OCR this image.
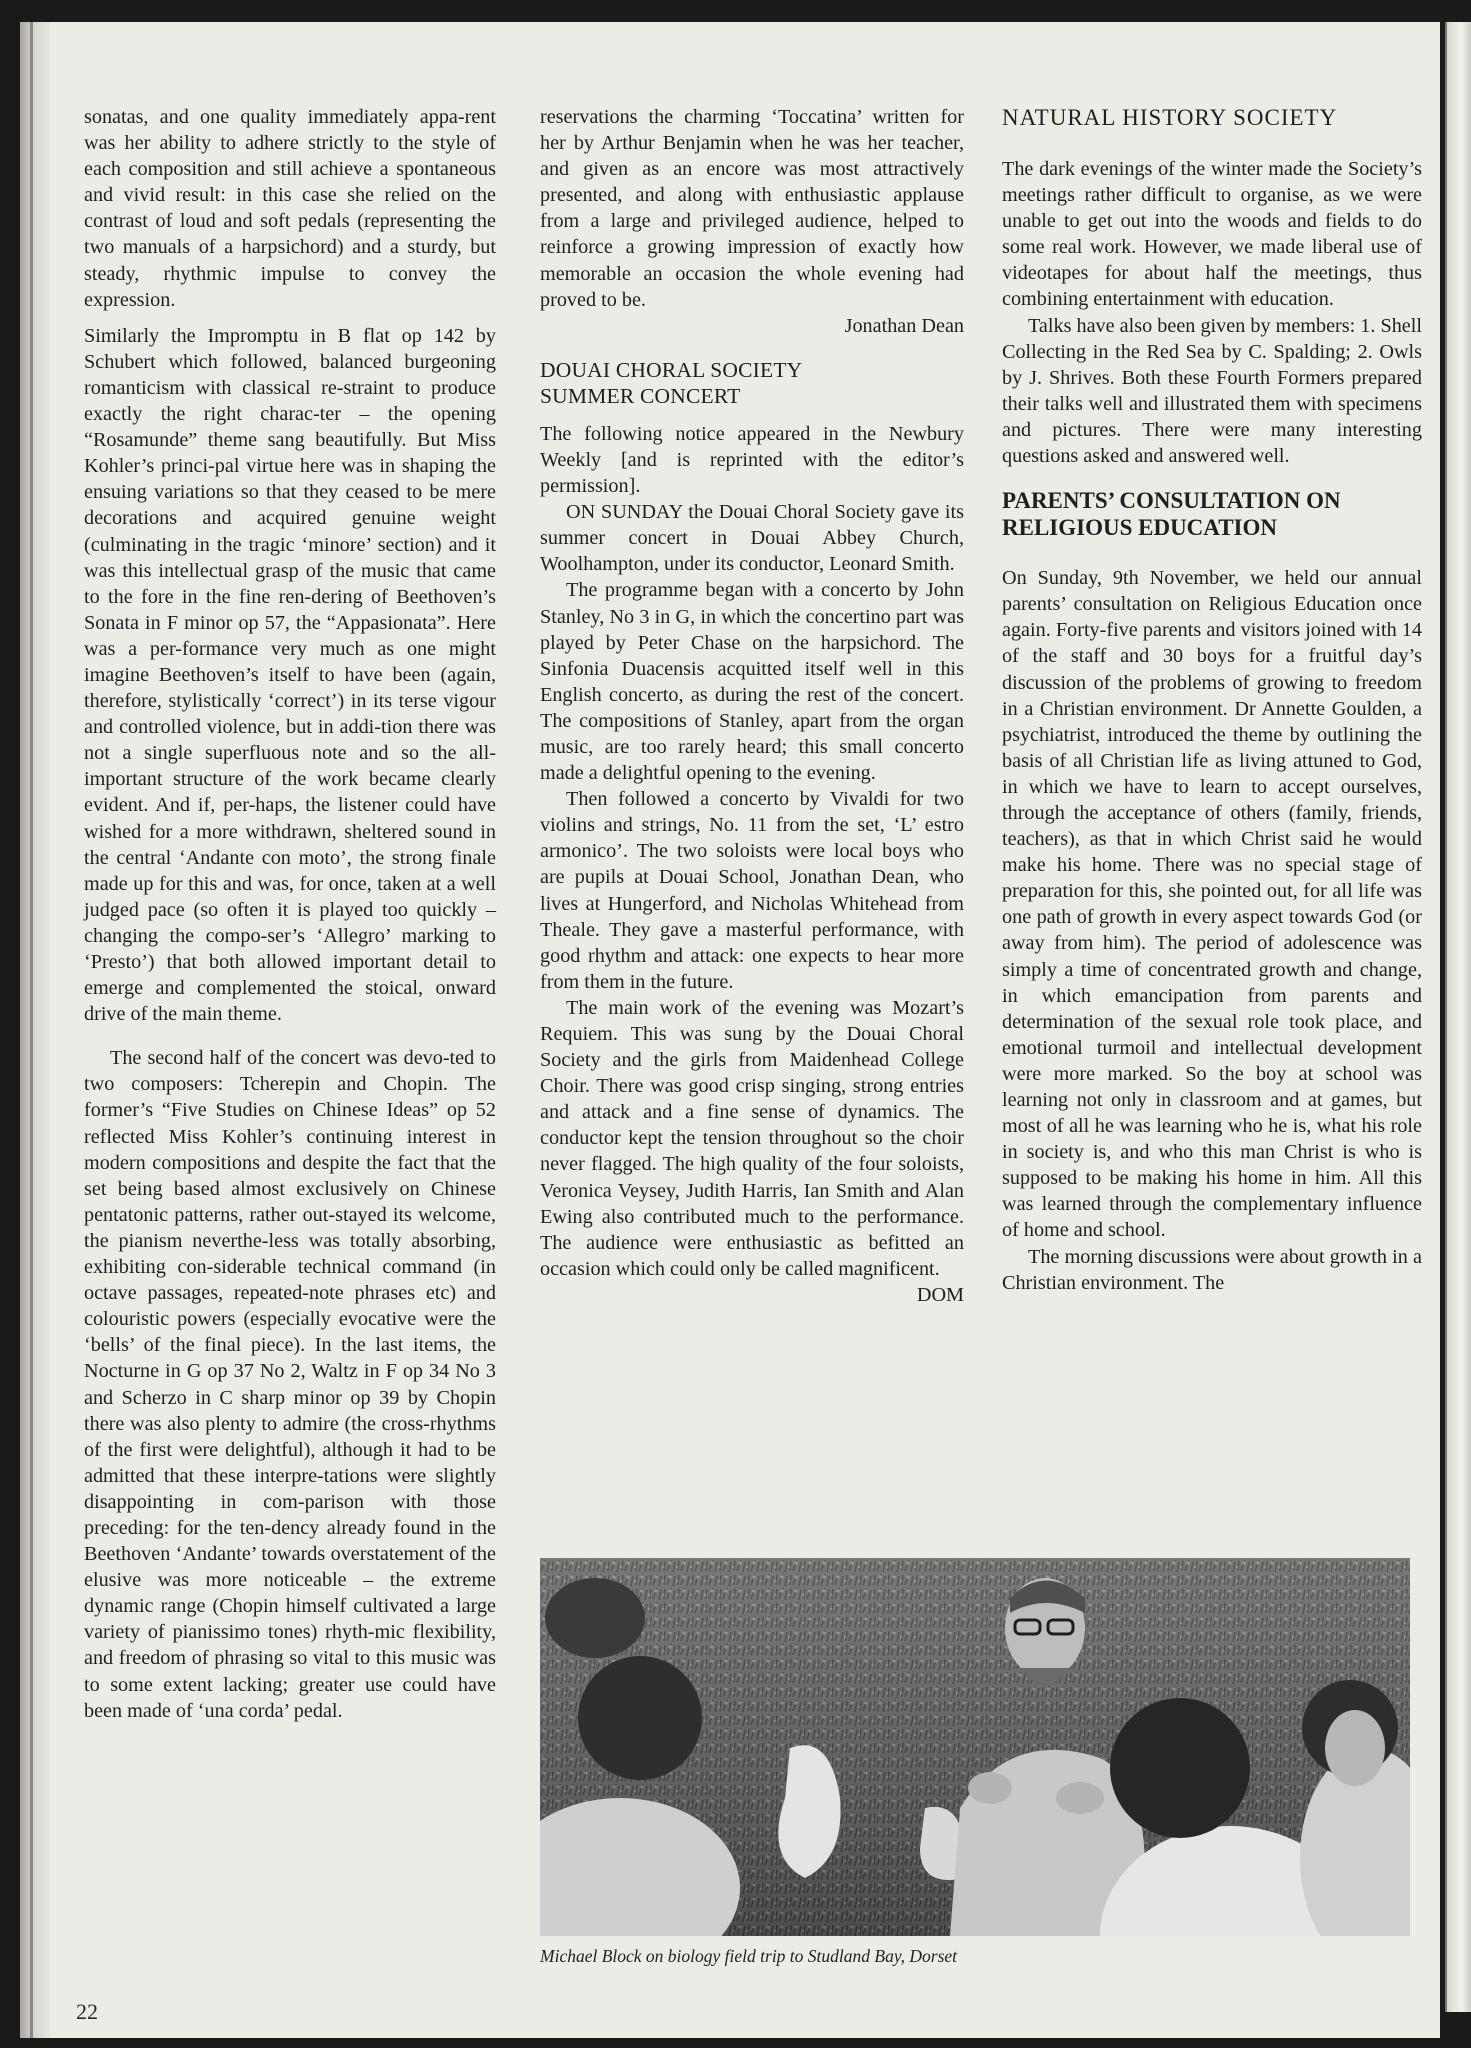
sonatas, and one quality immediately appa-rent was her ability to adhere strictly to the style of each composition and still achieve a spontaneous and vivid result: in this case she relied on the contrast of loud and soft pedals (representing the two manuals of a harpsichord) and a sturdy, but steady, rhythmic impulse to convey the expression.

Similarly the Impromptu in B flat op 142 by Schubert which followed, balanced burgeoning romanticism with classical re-straint to produce exactly the right charac-ter – the opening “Rosamunde” theme sang beautifully. But Miss Kohler’s princi-pal virtue here was in shaping the ensuing variations so that they ceased to be mere decorations and acquired genuine weight (culminating in the tragic ‘minore’ section) and it was this intellectual grasp of the music that came to the fore in the fine ren-dering of Beethoven’s Sonata in F minor op 57, the “Appasionata”. Here was a per-formance very much as one might imagine Beethoven’s itself to have been (again, therefore, stylistically ‘correct’) in its terse vigour and controlled violence, but in addi-tion there was not a single superfluous note and so the all-important structure of the work became clearly evident. And if, per-haps, the listener could have wished for a more withdrawn, sheltered sound in the central ‘Andante con moto’, the strong finale made up for this and was, for once, taken at a well judged pace (so often it is played too quickly – changing the compo-ser’s ‘Allegro’ marking to ‘Presto’) that both allowed important detail to emerge and complemented the stoical, onward drive of the main theme.

The second half of the concert was devo-ted to two composers: Tcherepin and Chopin. The former’s “Five Studies on Chinese Ideas” op 52 reflected Miss Kohler’s continuing interest in modern compositions and despite the fact that the set being based almost exclusively on Chinese pentatonic patterns, rather out-stayed its welcome, the pianism neverthe-less was totally absorbing, exhibiting con-siderable technical command (in octave passages, repeated-note phrases etc) and colouristic powers (especially evocative were the ‘bells’ of the final piece). In the last items, the Nocturne in G op 37 No 2, Waltz in F op 34 No 3 and Scherzo in C sharp minor op 39 by Chopin there was also plenty to admire (the cross-rhythms of the first were delightful), although it had to be admitted that these interpre-tations were slightly disappointing in com-parison with those preceding: for the ten-dency already found in the Beethoven ‘Andante’ towards overstatement of the elusive was more noticeable – the extreme dynamic range (Chopin himself cultivated a large variety of pianissimo tones) rhyth-mic flexibility, and freedom of phrasing so vital to this music was to some extent lacking; greater use could have been made of ‘una corda’ pedal.

reservations the charming ‘Toccatina’ written for her by Arthur Benjamin when he was her teacher, and given as an encore was most attractively presented, and along with enthusiastic applause from a large and privileged audience, helped to reinforce a growing impression of exactly how memorable an occasion the whole evening had proved to be.

Jonathan Dean

DOUAI CHORAL SOCIETY
SUMMER CONCERT

The following notice appeared in the Newbury Weekly [and is reprinted with the editor’s permission].

ON SUNDAY the Douai Choral Society gave its summer concert in Douai Abbey Church, Woolhampton, under its conductor, Leonard Smith.

The programme began with a concerto by John Stanley, No 3 in G, in which the concertino part was played by Peter Chase on the harpsichord. The Sinfonia Duacensis acquitted itself well in this English concerto, as during the rest of the concert. The compositions of Stanley, apart from the organ music, are too rarely heard; this small concerto made a delightful opening to the evening.

Then followed a concerto by Vivaldi for two violins and strings, No. 11 from the set, ‘L’ estro armonico’. The two soloists were local boys who are pupils at Douai School, Jonathan Dean, who lives at Hungerford, and Nicholas Whitehead from Theale. They gave a masterful performance, with good rhythm and attack: one expects to hear more from them in the future.

The main work of the evening was Mozart’s Requiem. This was sung by the Douai Choral Society and the girls from Maidenhead College Choir. There was good crisp singing, strong entries and attack and a fine sense of dynamics. The conductor kept the tension throughout so the choir never flagged. The high quality of the four soloists, Veronica Veysey, Judith Harris, Ian Smith and Alan Ewing also contributed much to the performance. The audience were enthusiastic as befitted an occasion which could only be called magnificent.

DOM

NATURAL HISTORY SOCIETY

The dark evenings of the winter made the Society’s meetings rather difficult to organise, as we were unable to get out into the woods and fields to do some real work. However, we made liberal use of videotapes for about half the meetings, thus combining entertainment with education.

Talks have also been given by members: 1. Shell Collecting in the Red Sea by C. Spalding; 2. Owls by J. Shrives. Both these Fourth Formers prepared their talks well and illustrated them with specimens and pictures. There were many interesting questions asked and answered well.

PARENTS’ CONSULTATION ON
RELIGIOUS EDUCATION

On Sunday, 9th November, we held our annual parents’ consultation on Religious Education once again. Forty-five parents and visitors joined with 14 of the staff and 30 boys for a fruitful day’s discussion of the problems of growing to freedom in a Christian environment. Dr Annette Goulden, a psychiatrist, introduced the theme by outlining the basis of all Christian life as living attuned to God, in which we have to learn to accept ourselves, through the acceptance of others (family, friends, teachers), as that in which Christ said he would make his home. There was no special stage of preparation for this, she pointed out, for all life was one path of growth in every aspect towards God (or away from him). The period of adolescence was simply a time of concentrated growth and change, in which emancipation from parents and determination of the sexual role took place, and emotional turmoil and intellectual development were more marked. So the boy at school was learning not only in classroom and at games, but most of all he was learning who he is, what his role in society is, and who this man Christ is who is supposed to be making his home in him. All this was learned through the complementary influence of home and school.

The morning discussions were about growth in a Christian environment. The

Michael Block on biology field trip to Studland Bay, Dorset
22
